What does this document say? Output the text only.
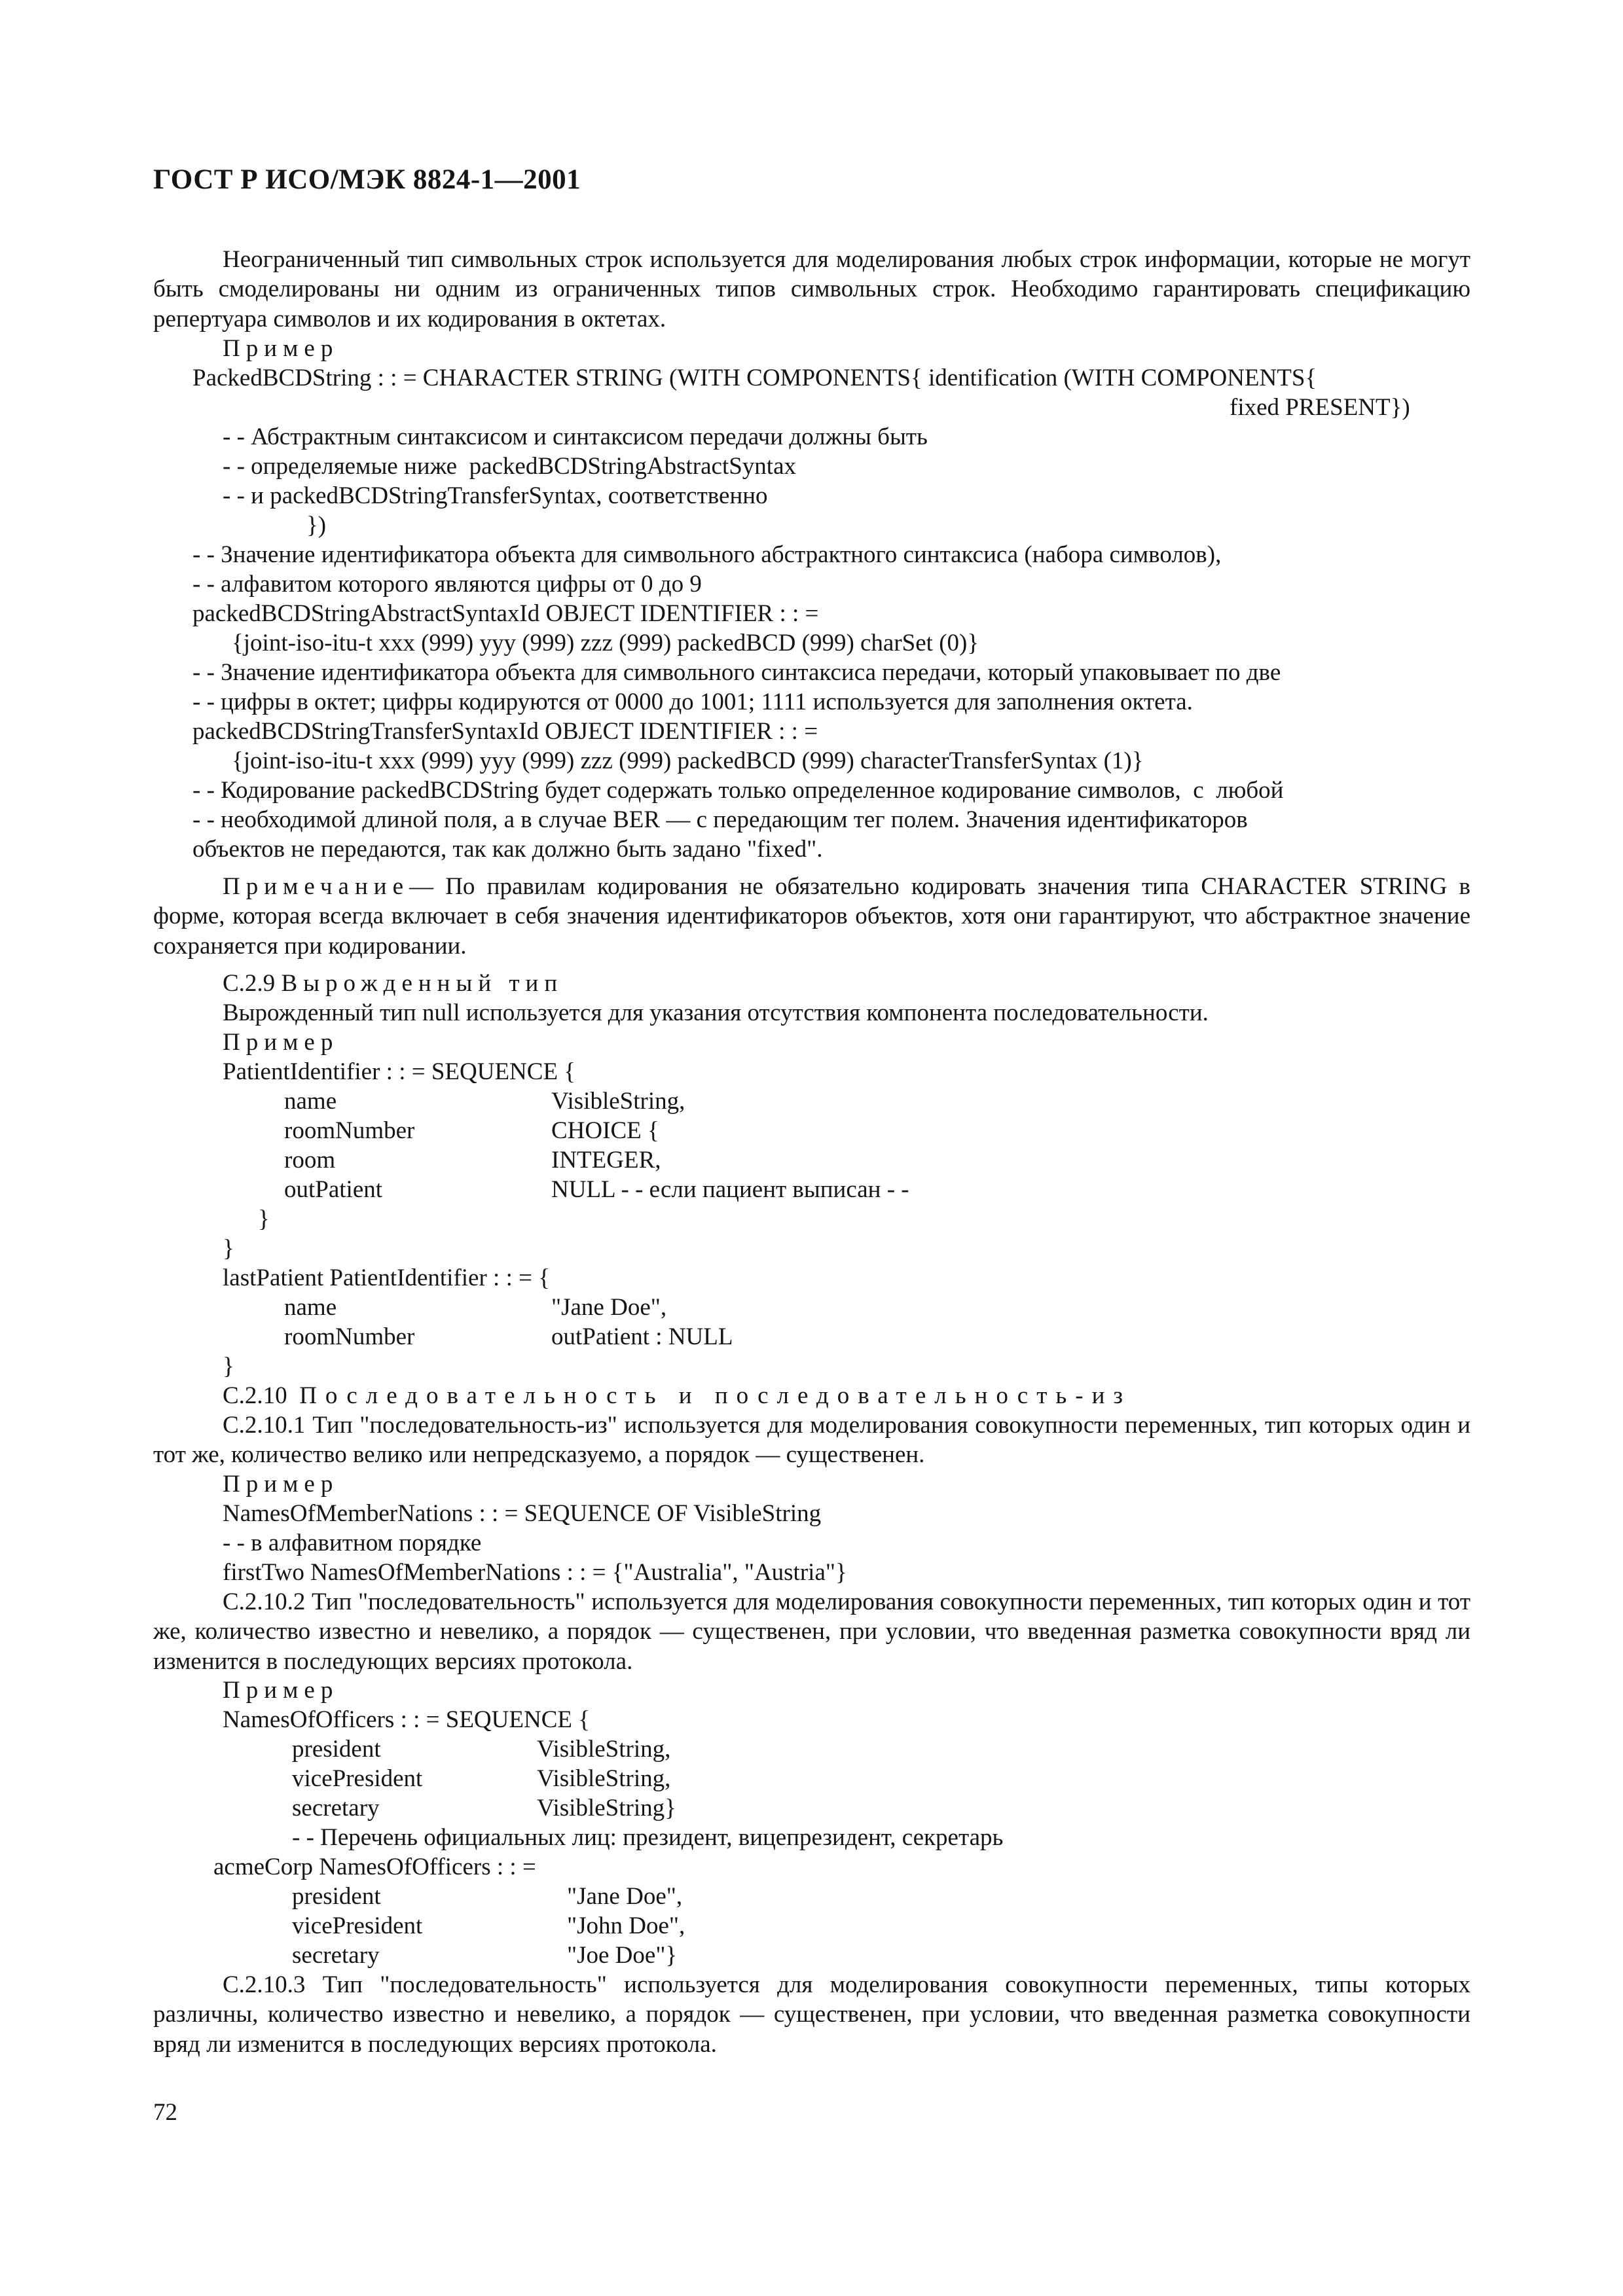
ГОСТ Р ИСО/МЭК 8824-1—2001
Неограниченный тип символьных строк используется для моделирования любых строк информации, которые не могут быть смоделированы ни одним из ограниченных типов символьных строк. Необходимо гарантировать спецификацию репертуара символов и их кодирования в октетах.
Пример
PackedBCDString : : = CHARACTER STRING (WITH COMPONENTS{ identification (WITH COMPONENTS{
fixed PRESENT})
- - Абстрактным синтаксисом и синтаксисом передачи должны быть
- - определяемые ниже  packedBCDStringAbstractSyntax
- - и packedBCDStringTransferSyntax, соответственно
})
- - Значение идентификатора объекта для символьного абстрактного синтаксиса (набора символов),
- - алфавитом которого являются цифры от 0 до 9
packedBCDStringAbstractSyntaxId OBJECT IDENTIFIER : : =
{joint-iso-itu-t xxx (999) yyy (999) zzz (999) packedBCD (999) charSet (0)}
- - Значение идентификатора объекта для символьного синтаксиса передачи, который упаковывает по две
- - цифры в октет; цифры кодируются от 0000 до 1001; 1111 используется для заполнения октета.
packedBCDStringTransferSyntaxId OBJECT IDENTIFIER : : =
{joint-iso-itu-t xxx (999) yyy (999) zzz (999) packedBCD (999) characterTransferSyntax (1)}
- - Кодирование packedBCDString будет содержать только определенное кодирование символов,  с  любой
- - необходимой длиной поля, а в случае BER — с передающим тег полем. Значения идентификаторов
объектов не передаются, так как должно быть задано "fixed".
Примечание— По правилам кодирования не обязательно кодировать значения типа CHARACTER STRING в форме, которая всегда включает в себя значения идентификаторов объектов, хотя они гарантируют, что абстрактное значение сохраняется при кодировании.
С.2.9 Вырожденный тип
Вырожденный тип null используется для указания отсутствия компонента последовательности.
Пример
PatientIdentifier : : = SEQUENCE {
name	VisibleString,
roomNumber	CHOICE {
room	INTEGER,
outPatient	NULL - - если пациент выписан - -
}
}
lastPatient PatientIdentifier : : = {
name	"Jane Doe",
roomNumber	outPatient : NULL
}
С.2.10 Последовательность и последовательность-из
С.2.10.1 Тип "последовательность-из" используется для моделирования совокупности переменных, тип которых один и тот же, количество велико или непредсказуемо, а порядок — существенен.
Пример
NamesOfMemberNations : : = SEQUENCE OF VisibleString
- - в алфавитном порядке
firstTwo NamesOfMemberNations : : = {"Australia", "Austria"}
С.2.10.2 Тип "последовательность" используется для моделирования совокупности переменных, тип которых один и тот же, количество известно и невелико, а порядок — существенен, при условии, что введенная разметка совокупности вряд ли изменится в последующих версиях протокола.
Пример
NamesOfOfficers : : = SEQUENCE {
president	VisibleString,
vicePresident	VisibleString,
secretary	VisibleString}
- - Перечень официальных лиц: президент, вицепрезидент, секретарь
acmeCorp NamesOfOfficers : : =
president	"Jane Doe",
vicePresident	"John Doe",
secretary	"Joe Doe"}
С.2.10.3 Тип "последовательность" используется для моделирования совокупности переменных, типы которых различны, количество известно и невелико, а порядок — существенен, при условии, что введенная разметка совокупности вряд ли изменится в последующих версиях протокола.
72
